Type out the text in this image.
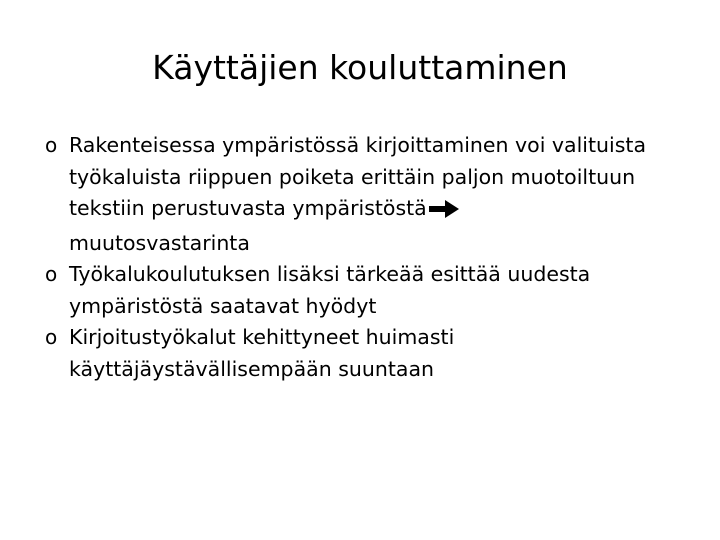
Käyttäjien kouluttaminen
o Rakenteisessa ympäristössä kirjoittaminen voi valituista työkaluista riippuen poiketa erittäin paljon muotoiltuun tekstiin perustuvasta ympäristöstä
muutosvastarinta
o Työkalukoulutuksen lisäksi tärkeää esittää uudesta ympäristöstä saatavat hyödyt
o Kirjoitustyökalut kehittyneet huimasti käyttäjäystävällisempään suuntaan
